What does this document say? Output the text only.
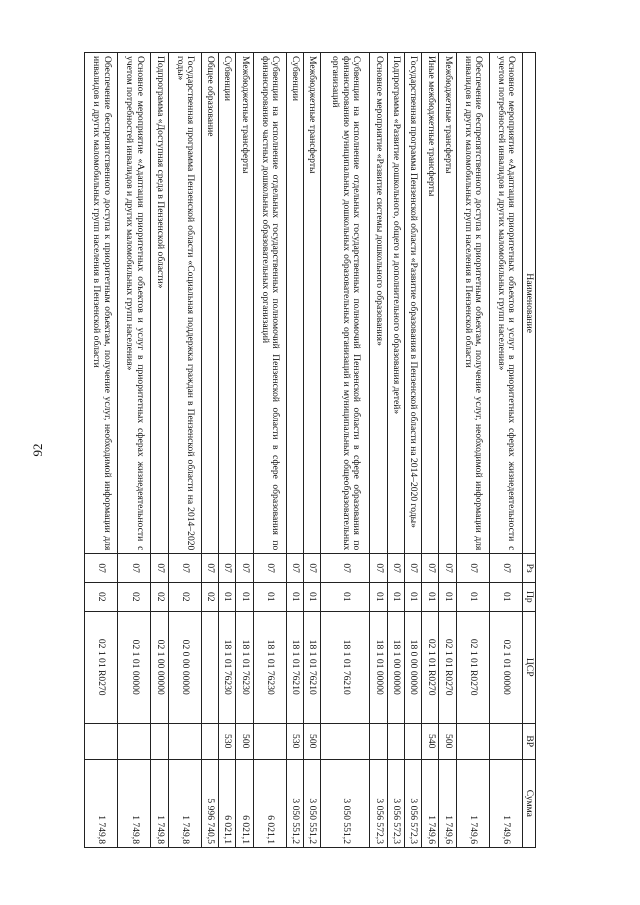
92
Наименование	Рз	Пр	ЦСР	ВР	Сумма
Основное мероприятие «Адаптация приоритетных объектов и услуг в приоритетных сферах жизнедеятельности с учетом потребностей инвалидов и других маломобильных групп населения»	07	01	02 1 01 00000		1 749,6
Обеспечение беспрепятственного доступа к приоритетным объектам, получение услуг, необходимой информации для инвалидов и других маломобильных групп населения в Пензенской области	07	01	02 1 01 R0270		1 749,6
Межбюджетные трансферты	07	01	02 1 01 R0270	500	1 749,6
Иные межбюджетные трансферты	07	01	02 1 01 R0270	540	1 749,6
Государственная программа Пензенской области «Развитие образования в Пензенской области на 2014–2020 годы»	07	01	18 0 00 00000		3 056 572,3
Подпрограмма «Развитие дошкольного, общего и дополнительного образования детей»	07	01	18 1 00 00000		3 056 572,3
Основное мероприятие «Развитие системы дошкольного образования»	07	01	18 1 01 00000		3 056 572,3
Субвенции на исполнение отдельных государственных полномочий Пензенской области в сфере образования по финансированию муниципальных дошкольных образовательных организаций и муниципальных общеобразовательных организаций	07	01	18 1 01 76210		3 050 551,2
Межбюджетные трансферты	07	01	18 1 01 76210	500	3 050 551,2
Субвенции	07	01	18 1 01 76210	530	3 050 551,2
Субвенции на исполнение отдельных государственных полномочий Пензенской области в сфере образования по финансированию частных дошкольных образовательных организаций	07	01	18 1 01 76230		6 021,1
Межбюджетные трансферты	07	01	18 1 01 76230	500	6 021,1
Субвенции	07	01	18 1 01 76230	530	6 021,1
Общее образование	07	02			5 996 740,5
Государственная программа Пензенской области «Социальная поддержка граждан в Пензенской области на 2014–2020 годы»	07	02	02 0 00 00000		1 749,8
Подпрограмма «Доступная среда в Пензенской области»	07	02	02 1 00 00000		1 749,8
Основное мероприятие «Адаптация приоритетных объектов и услуг в приоритетных сферах жизнедеятельности с учетом потребностей инвалидов и других маломобильных групп населения»	07	02	02 1 01 00000		1 749,8
Обеспечение беспрепятственного доступа к приоритетным объектам, получение услуг, необходимой информации для инвалидов и других маломобильных групп населения в Пензенской области	07	02	02 1 01 R0270		1 749,8
